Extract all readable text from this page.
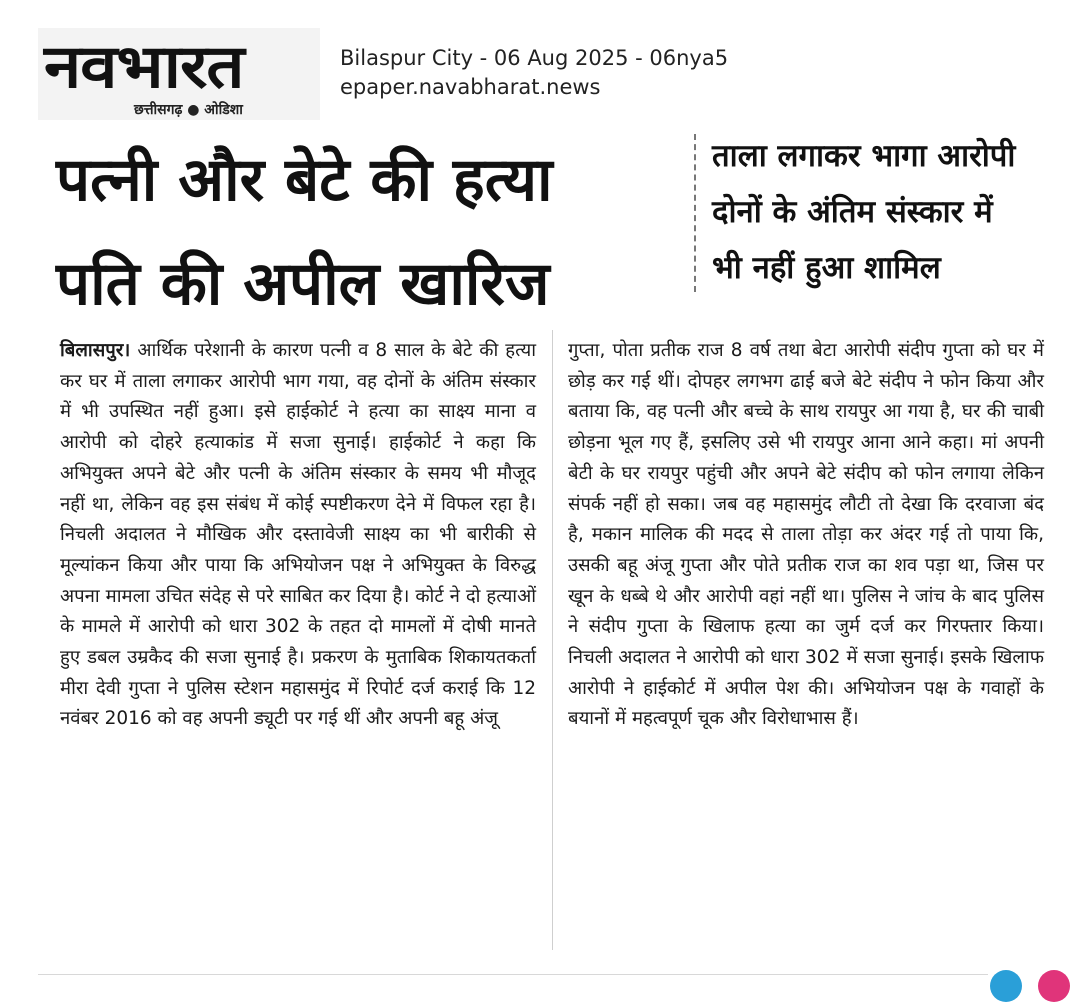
नवभारत
छत्तीसगढ़ ● ओडिशा
Bilaspur City - 06 Aug 2025 - 06nya5
epaper.navabharat.news
पत्नी और बेटे की हत्या
पति की अपील खारिज
ताला लगाकर भागा आरोपी
दोनों के अंतिम संस्कार में
भी नहीं हुआ शामिल
बिलासपुर। आर्थिक परेशानी के कारण पत्नी व 8 साल के बेटे की हत्या कर घर में ताला लगाकर आरोपी भाग गया, वह दोनों के अंतिम संस्कार में भी उपस्थित नहीं हुआ। इसे हाईकोर्ट ने हत्या का साक्ष्य माना व आरोपी को दोहरे हत्याकांड में सजा सुनाई। हाईकोर्ट ने कहा कि अभियुक्त अपने बेटे और पत्नी के अंतिम संस्कार के समय भी मौजूद नहीं था, लेकिन वह इस संबंध में कोई स्पष्टीकरण देने में विफल रहा है। निचली अदालत ने मौखिक और दस्तावेजी साक्ष्य का भी बारीकी से मूल्यांकन किया और पाया कि अभियोजन पक्ष ने अभियुक्त के विरुद्ध अपना मामला उचित संदेह से परे साबित कर दिया है। कोर्ट ने दो हत्याओं के मामले में आरोपी को धारा 302 के तहत दो मामलों में दोषी मानते हुए डबल उम्रकैद की सजा सुनाई है। प्रकरण के मुताबिक शिकायतकर्ता मीरा देवी गुप्ता ने पुलिस स्टेशन महासमुंद में रिपोर्ट दर्ज कराई कि 12 नवंबर 2016 को वह अपनी ड्यूटी पर गई थीं और अपनी बहू अंजू
गुप्ता, पोता प्रतीक राज 8 वर्ष तथा बेटा आरोपी संदीप गुप्ता को घर में छोड़ कर गई थीं। दोपहर लगभग ढाई बजे बेटे संदीप ने फोन किया और बताया कि, वह पत्नी और बच्चे के साथ रायपुर आ गया है, घर की चाबी छोड़ना भूल गए हैं, इसलिए उसे भी रायपुर आना आने कहा। मां अपनी बेटी के घर रायपुर पहुंची और अपने बेटे संदीप को फोन लगाया लेकिन संपर्क नहीं हो सका। जब वह महासमुंद लौटी तो देखा कि दरवाजा बंद है, मकान मालिक की मदद से ताला तोड़ा कर अंदर गई तो पाया कि, उसकी बहू अंजू गुप्ता और पोते प्रतीक राज का शव पड़ा था, जिस पर खून के धब्बे थे और आरोपी वहां नहीं था। पुलिस ने जांच के बाद पुलिस ने संदीप गुप्ता के खिलाफ हत्या का जुर्म दर्ज कर गिरफ्तार किया। निचली अदालत ने आरोपी को धारा 302 में सजा सुनाई। इसके खिलाफ आरोपी ने हाईकोर्ट में अपील पेश की। अभियोजन पक्ष के गवाहों के बयानों में महत्वपूर्ण चूक और विरोधाभास हैं।
